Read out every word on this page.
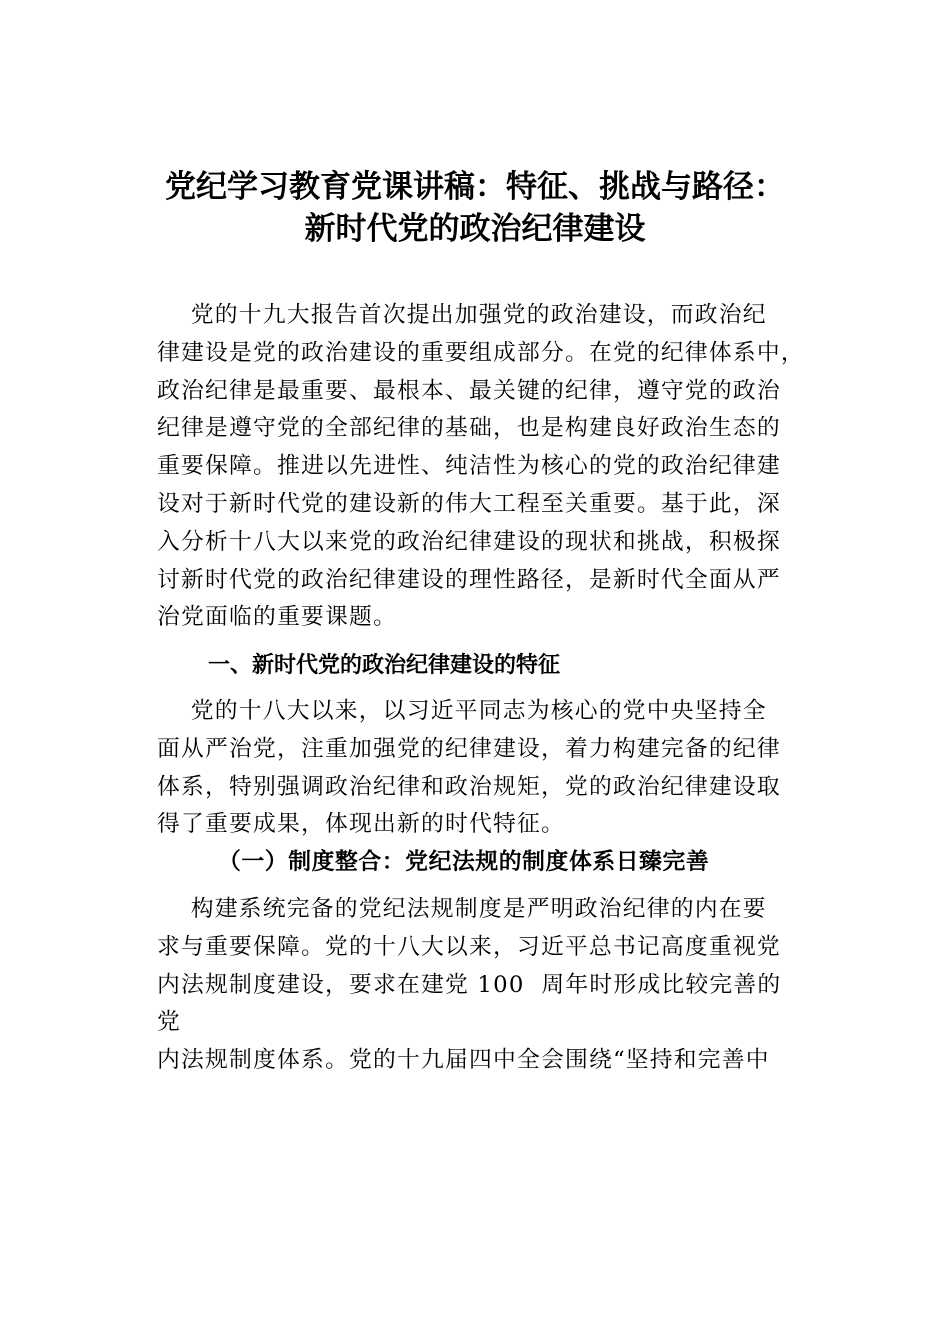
党纪学习教育党课讲稿：特征、挑战与路径：
新时代党的政治纪律建设

党的十九大报告首次提出加强党的政治建设，而政治纪
律建设是党的政治建设的重要组成部分。在党的纪律体系中，
政治纪律是最重要、最根本、最关键的纪律，遵守党的政治
纪律是遵守党的全部纪律的基础，也是构建良好政治生态的
重要保障。推进以先进性、纯洁性为核心的党的政治纪律建
设对于新时代党的建设新的伟大工程至关重要。基于此，深
入分析十八大以来党的政治纪律建设的现状和挑战，积极探
讨新时代党的政治纪律建设的理性路径，是新时代全面从严
治党面临的重要课题。

一、新时代党的政治纪律建设的特征

党的十八大以来，以习近平同志为核心的党中央坚持全
面从严治党，注重加强党的纪律建设，着力构建完备的纪律
体系，特别强调政治纪律和政治规矩，党的政治纪律建设取
得了重要成果，体现出新的时代特征。

（一）制度整合：党纪法规的制度体系日臻完善

构建系统完备的党纪法规制度是严明政治纪律的内在要
求与重要保障。党的十八大以来，习近平总书记高度重视党
内法规制度建设，要求在建党 100  周年时形成比较完善的
党
内法规制度体系。党的十九届四中全会围绕“坚持和完善中
